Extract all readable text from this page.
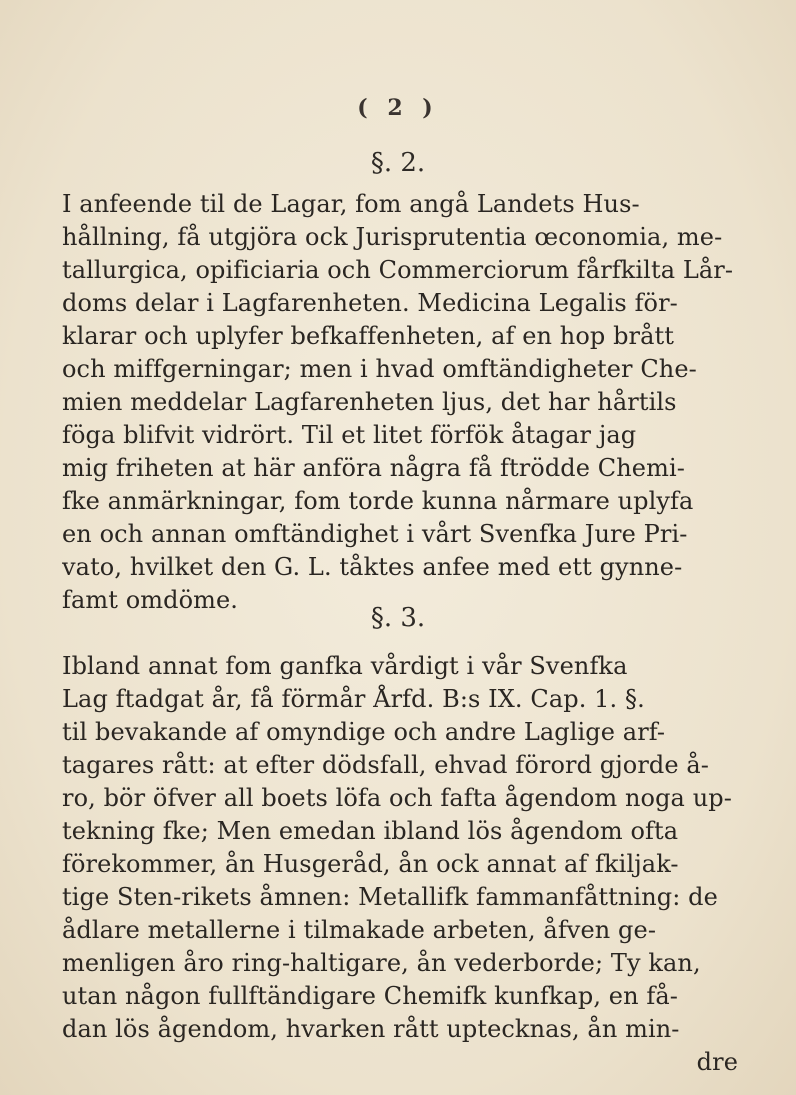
( 2 )
§. 2.
I anfeende til de Lagar, fom angå Landets Hus-
hållning, få utgjöra ock Jurisprutentia œconomia, me-
tallurgica, opificiaria och Commerciorum fårfkilta Lår-
doms delar i Lagfarenheten. Medicina Legalis för-
klarar och uplyfer befkaffenheten, af en hop brått
och miffgerningar; men i hvad omftändigheter Che-
mien meddelar Lagfarenheten ljus, det har hårtils
föga blifvit vidrört. Til et litet förfök åtagar jag
mig friheten at här anföra några få ftrödde Chemi-
fke anmärkningar, fom torde kunna nårmare uplyfa
en och annan omftändighet i vårt Svenfka Jure Pri-
vato, hvilket den G. L. tåktes anfee med ett gynne-
famt omdöme.
§. 3.
Ibland annat fom ganfka vårdigt i vår Svenfka
Lag ftadgat år, få förmår Årfd. B:s IX. Cap. 1. §.
til bevakande af omyndige och andre Laglige arf-
tagares rått: at efter dödsfall, ehvad förord gjorde å-
ro, bör öfver all boets löfa och fafta ågendom noga up-
tekning fke; Men emedan ibland lös ågendom ofta
förekommer, ån Husgeråd, ån ock annat af fkiljak-
tige Sten-rikets åmnen: Metallifk fammanfåttning: de
ådlare metallerne i tilmakade arbeten, åfven ge-
menligen åro ring-haltigare, ån vederborde; Ty kan,
utan någon fullftändigare Chemifk kunfkap, en få-
dan lös ågendom, hvarken rått uptecknas, ån min-
dre
